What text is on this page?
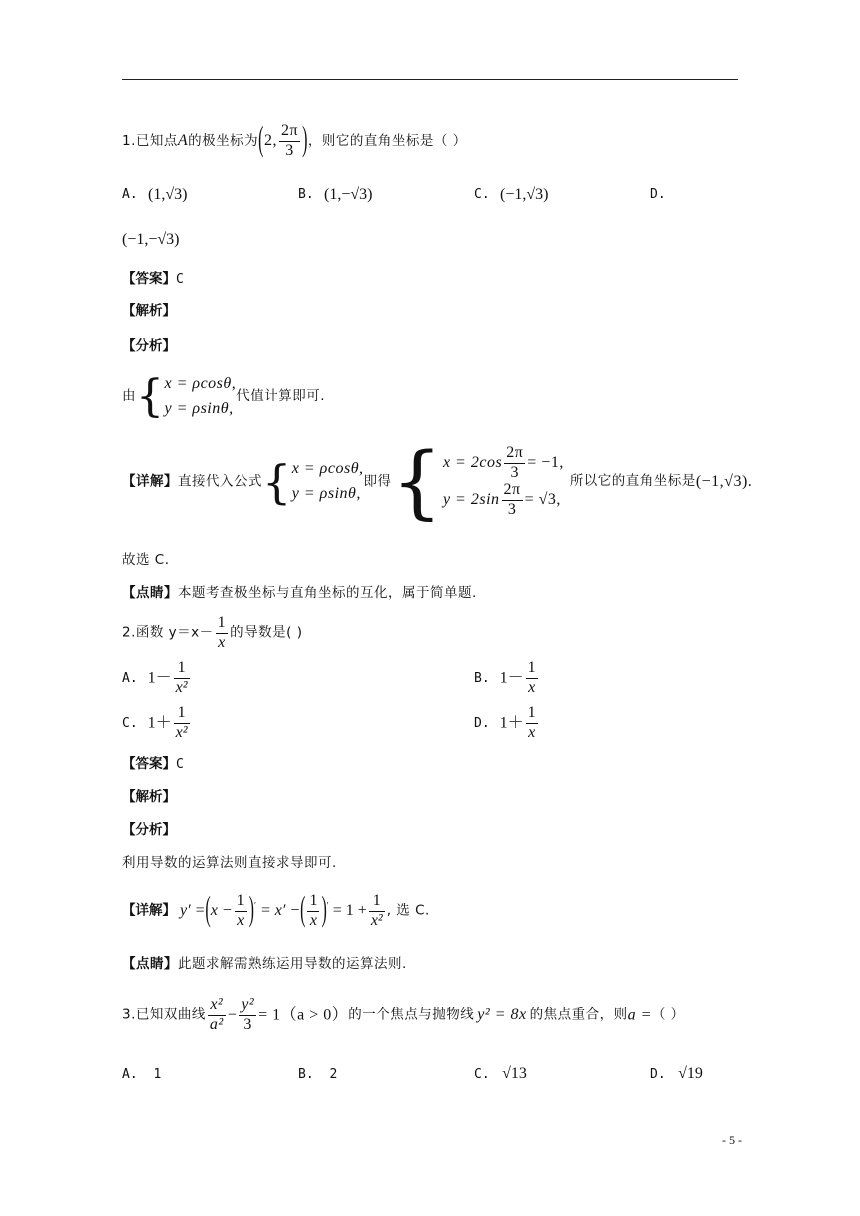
1.已知点A的极坐标为(2, $\frac{2\pi}{3}$ )，则它的直角坐标是（ ）
A. (1,√3)	B. (1,−√3)	C. (−1,√3)	D.
(−1,−√3)
【答案】C
【解析】
【分析】
由{ x = ρcosθ,
y = ρsinθ,
代值计算即可.
【详解】直接代入公式{ x = ρcosθ,
y = ρsinθ,
即得{ $x = 2\cos \frac{2\pi}{3} = -1$,
$y = 2\sin \frac{2\pi}{3} = √3$,
所以它的直角坐标是(−1,√3).
故选 C.
【点睛】本题考查极坐标与直角坐标的互化，属于简单题.
2.函数 $y=x- \frac{1}{x}$ 的导数是( )
A. $1- \frac{1}{\text{x²}}$	B. $1- \frac{1}{x}$
C. $1+ \frac{1}{\text{x²}}$	D. $1+ \frac{1}{x}$
【答案】C
【解析】
【分析】
利用导数的运算法则直接求导即可.
【详解】 $y' =(x - \frac{1}{x} )' = x'$ −( $\frac{1}{x} )' = 1 + \frac{1}{\text{x²}}$ , 选 C.
【点睛】此题求解需熟练运用导数的运算法则.
3.已知双曲线 $\frac{\text{x²}}{\text{a²}} - \frac{\text{y²}}{3} = 1(a > 0)$的一个焦点与抛物线 y² = 8x 的焦点重合，则a =（ ）
A. 1	B. 2	C. √13	D. √19
- 5 -
